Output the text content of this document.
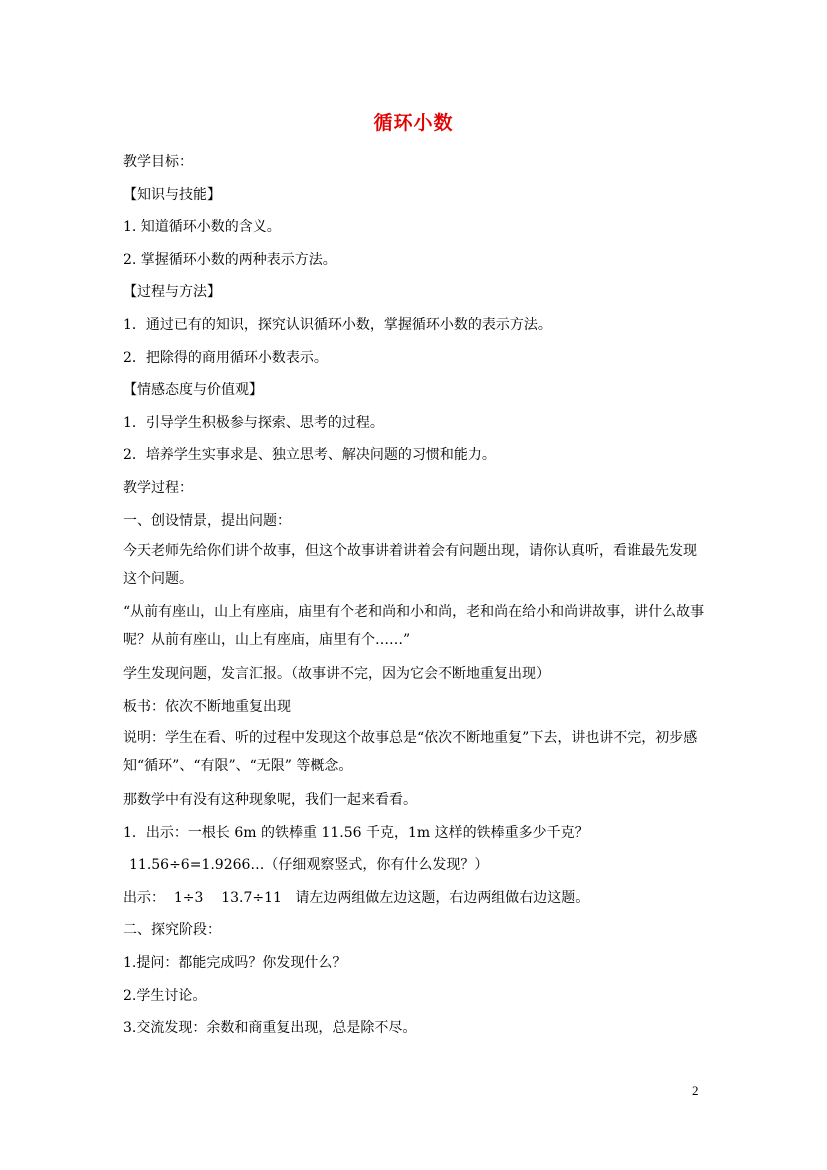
循环小数

教学目标：

【知识与技能】

1. 知道循环小数的含义。

2. 掌握循环小数的两种表示方法。

【过程与方法】

1．通过已有的知识，探究认识循环小数，掌握循环小数的表示方法。

2．把除得的商用循环小数表示。

【情感态度与价值观】

1．引导学生积极参与探索、思考的过程。

2．培养学生实事求是、独立思考、解决问题的习惯和能力。

教学过程：

一、创设情景，提出问题：

今天老师先给你们讲个故事，但这个故事讲着讲着会有问题出现，请你认真听，看谁最先发现这个问题。

“从前有座山，山上有座庙，庙里有个老和尚和小和尚，老和尚在给小和尚讲故事，讲什么故事呢？从前有座山，山上有座庙，庙里有个……”

学生发现问题，发言汇报。（故事讲不完，因为它会不断地重复出现）

板书：依次不断地重复出现

说明：学生在看、听的过程中发现这个故事总是“依次不断地重复”下去，讲也讲不完，初步感知“循环”、“有限”、“无限” 等概念。

那数学中有没有这种现象呢，我们一起来看看。

1．出示：一根长 6m 的铁棒重 11.56 千克，1m 这样的铁棒重多少千克？

11.56÷6=1.9266…（仔细观察竖式，你有什么发现？）

出示：  1÷3    13.7÷11   请左边两组做左边这题，右边两组做右边这题。

二、探究阶段：

1.提问：都能完成吗？你发现什么？

2.学生讨论。

3.交流发现：余数和商重复出现，总是除不尽。

2
